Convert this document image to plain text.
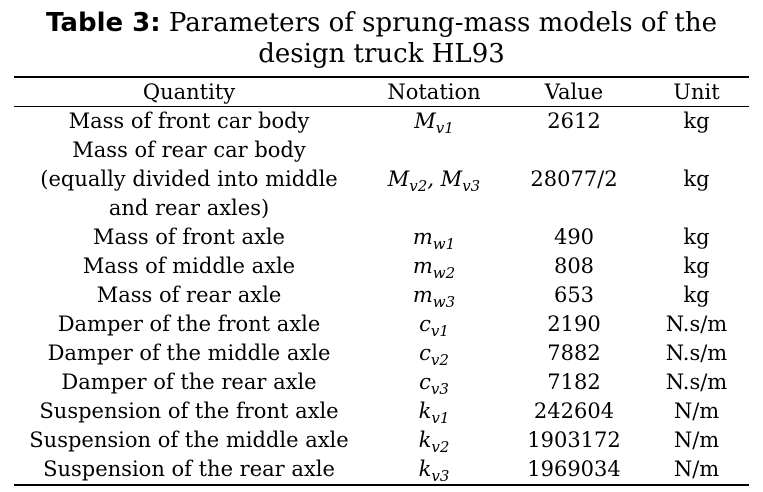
Table 3: Parameters of sprung-mass models of the design truck HL93
Quantity	Notation	Value	Unit
Mass of front car body	$M_{v1}$	2612	kg
Mass of rear car body
(equally divided into middle
and rear axles)	$M_{v2}$, $M_{v3}$	28077/2	kg
Mass of front axle	$m_{w1}$	490	kg
Mass of middle axle	$m_{w2}$	808	kg
Mass of rear axle	$m_{w3}$	653	kg
Damper of the front axle	$c_{v1}$	2190	N.s/m
Damper of the middle axle	$c_{v2}$	7882	N.s/m
Damper of the rear axle	$c_{v3}$	7182	N.s/m
Suspension of the front axle	$k_{v1}$	242604	N/m
Suspension of the middle axle	$k_{v2}$	1903172	N/m
Suspension of the rear axle	$k_{v3}$	1969034	N/m
